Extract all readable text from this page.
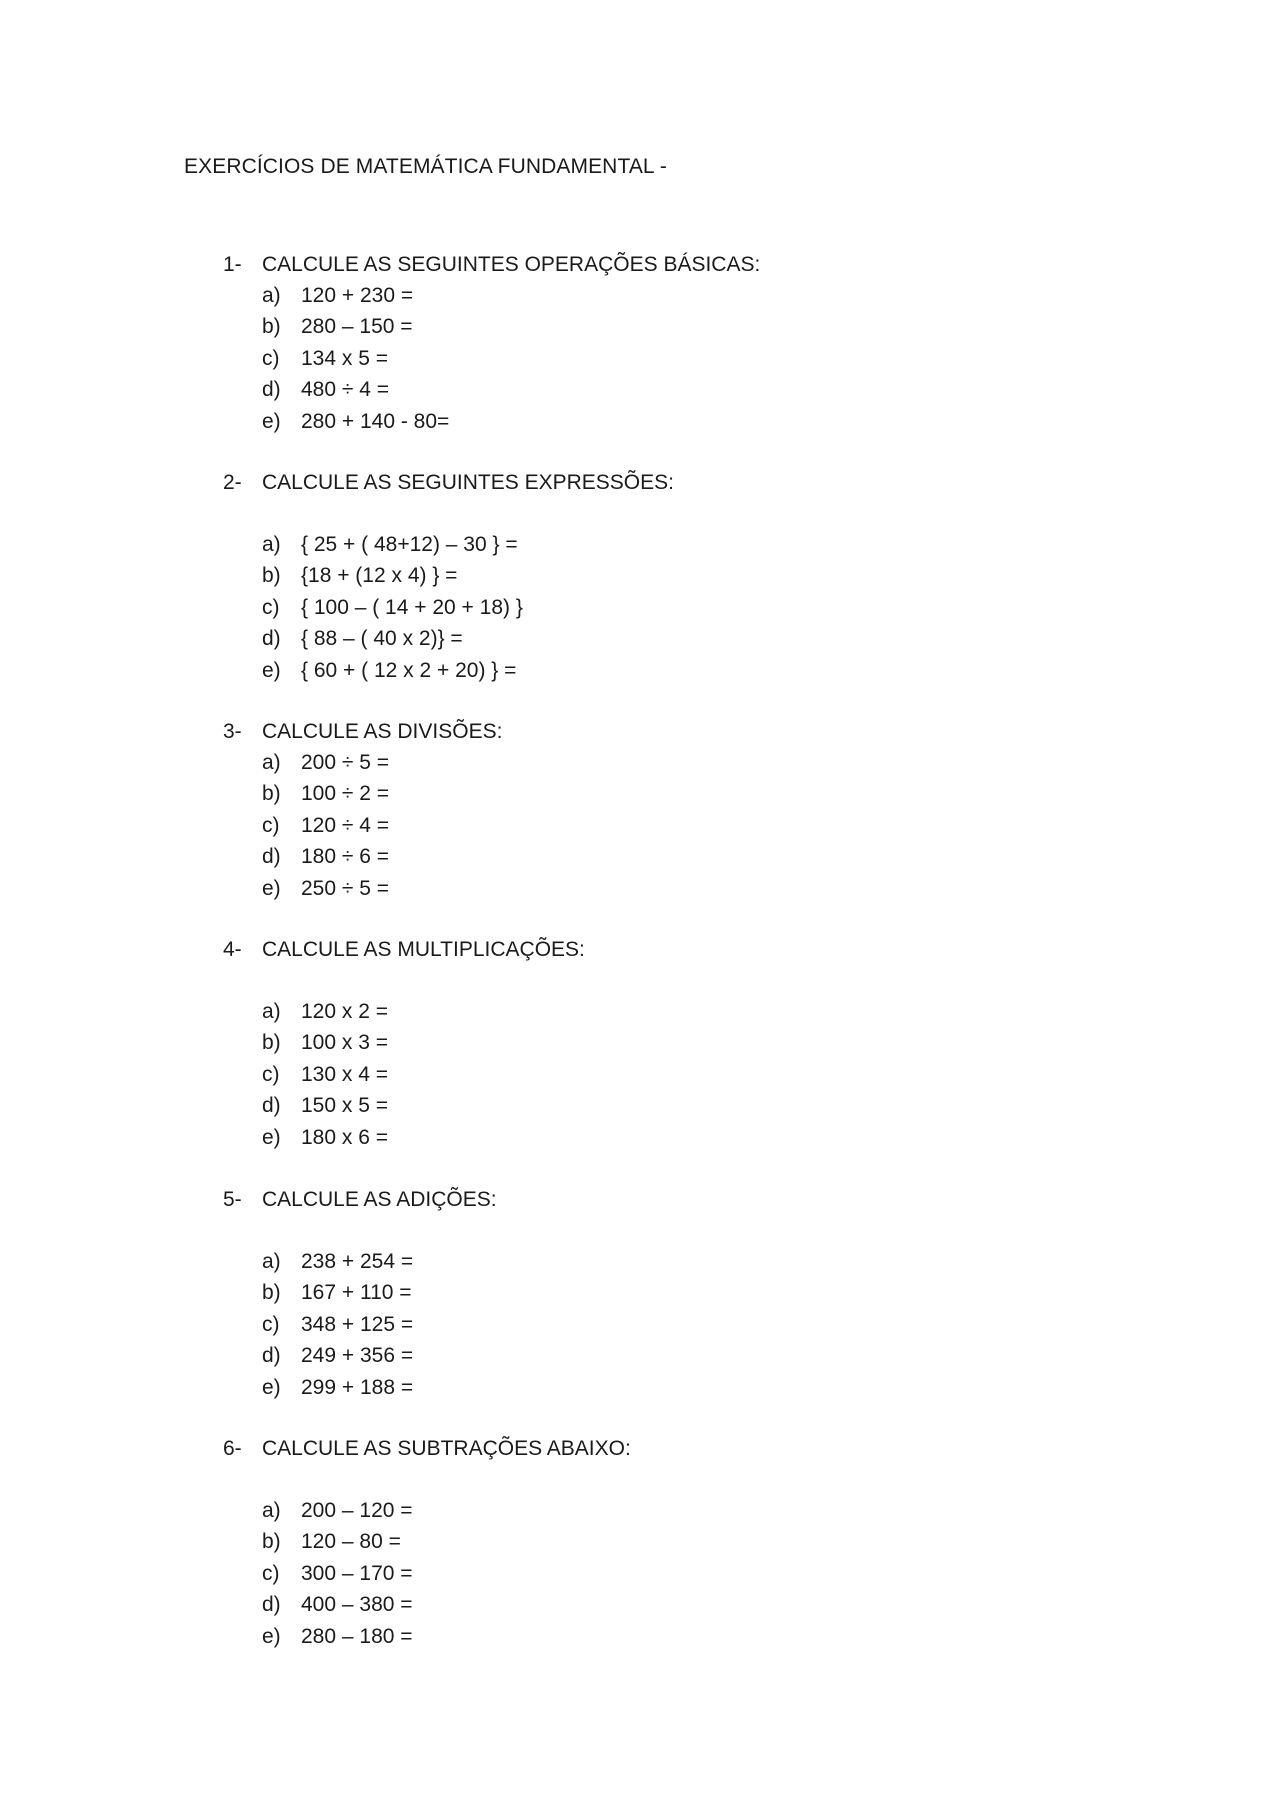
EXERCÍCIOS DE MATEMÁTICA FUNDAMENTAL -
1- CALCULE AS SEGUINTES OPERAÇÕES BÁSICAS:
a) 120 + 230 =
b) 280 – 150 =
c)	134 x 5 =
d) 480 ÷ 4 =
e) 280 + 140 - 80=
2- CALCULE AS SEGUINTES EXPRESSÕES:
a) { 25 + ( 48+12) – 30 } =
b) {18 + (12 x 4) } =
c)	{ 100 – ( 14 + 20 + 18) }
d) { 88 – ( 40 x 2)} =
e) { 60 + ( 12 x 2 + 20) } =
3- CALCULE AS DIVISÕES:
a) 200 ÷ 5 =
b) 100 ÷ 2 =
c)	120 ÷ 4 =
d) 180 ÷ 6 =
e) 250 ÷ 5 =
4- CALCULE AS MULTIPLICAÇÕES:
a) 120 x 2 =
b) 100 x 3 =
c)	130 x 4 =
d) 150 x 5 =
e) 180 x 6 =
5- CALCULE AS ADIÇÕES:
a) 238 + 254 =
b) 167 + 110 =
c)	348 + 125 =
d) 249 + 356 =
e) 299 + 188 =
6- CALCULE AS SUBTRAÇÕES ABAIXO:
a) 200 – 120 =
b) 120 – 80 =
c)	300 – 170 =
d) 400 – 380 =
e) 280 – 180 =
